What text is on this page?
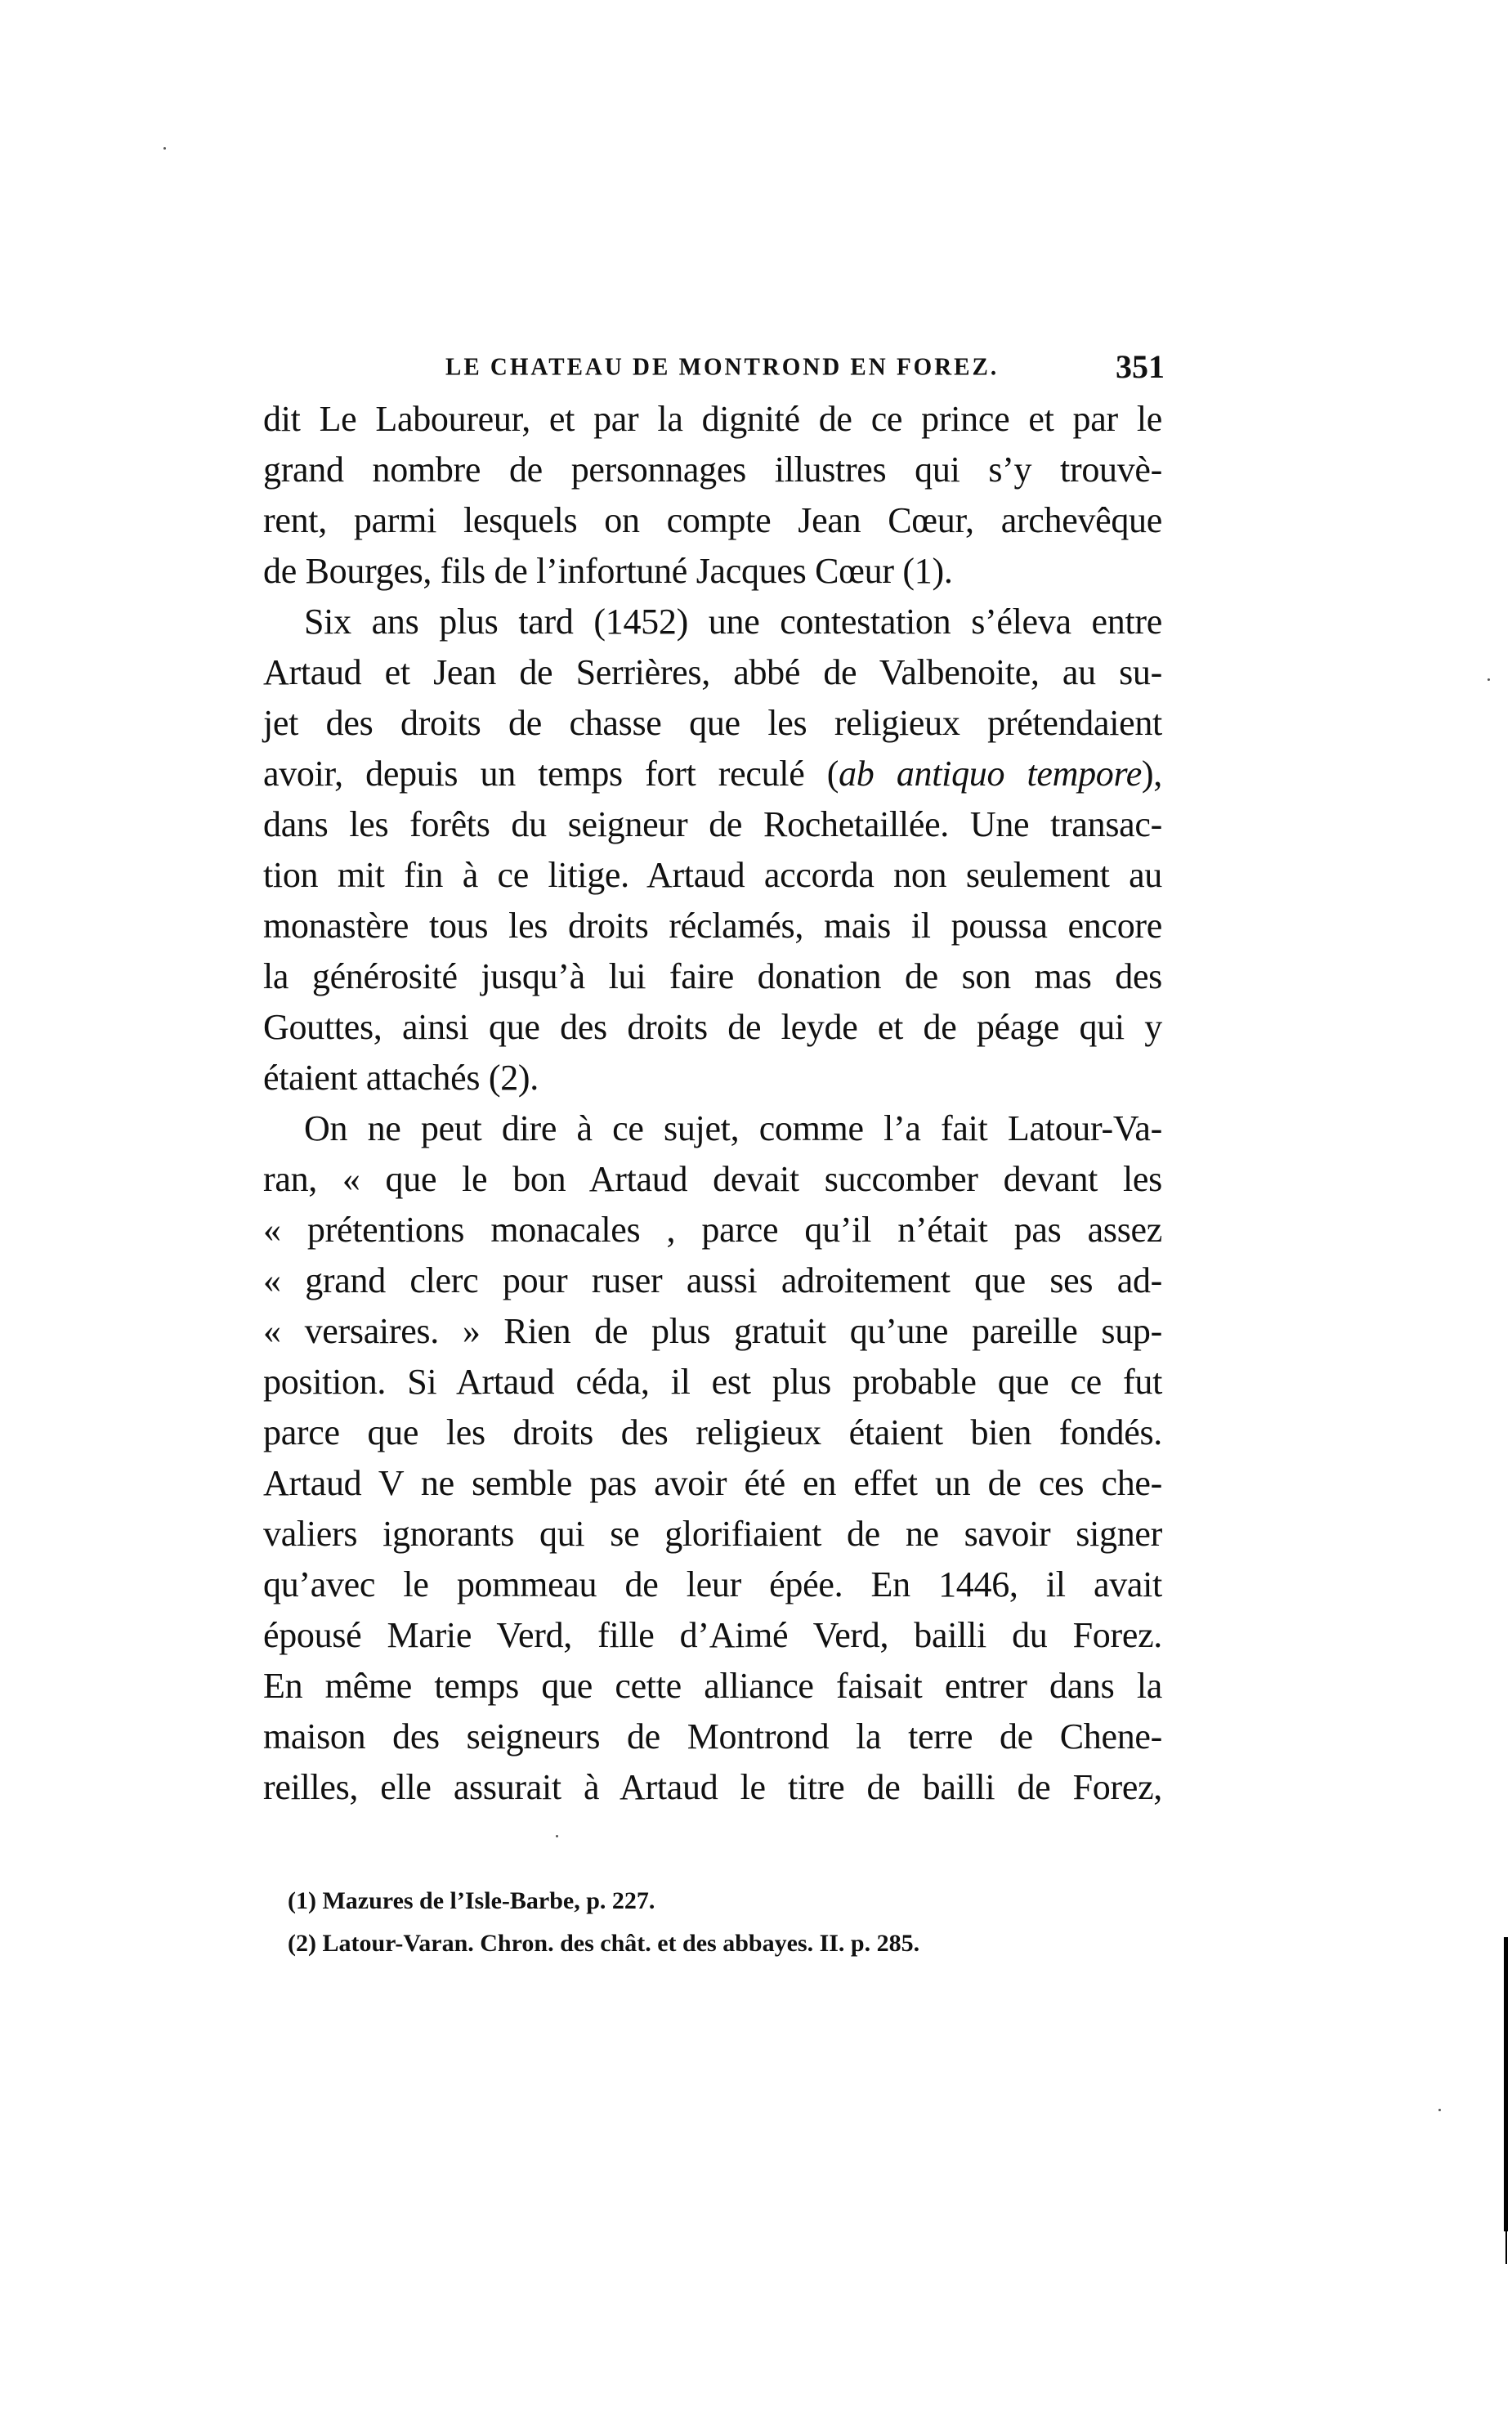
LE CHATEAU DE MONTROND EN FOREZ.	351
dit Le Laboureur, et par la dignité de ce prince et par le
grand nombre de personnages illustres qui s’y trouvè-
rent, parmi lesquels on compte Jean Cœur, archevêque
de Bourges, fils de l’infortuné Jacques Cœur (1).
Six ans plus tard (1452) une contestation s’éleva entre
Artaud et Jean de Serrières, abbé de Valbenoite, au su-
jet des droits de chasse que les religieux prétendaient
avoir, depuis un temps fort reculé (ab antiquo tempore),
dans les forêts du seigneur de Rochetaillée. Une transac-
tion mit fin à ce litige. Artaud accorda non seulement au
monastère tous les droits réclamés, mais il poussa encore
la générosité jusqu’à lui faire donation de son mas des
Gouttes, ainsi que des droits de leyde et de péage qui y
étaient attachés (2).
On ne peut dire à ce sujet, comme l’a fait Latour-Va-
ran, « que le bon Artaud devait succomber devant les
« prétentions monacales , parce qu’il n’était pas assez
« grand clerc pour ruser aussi adroitement que ses ad-
« versaires. » Rien de plus gratuit qu’une pareille sup-
position. Si Artaud céda, il est plus probable que ce fut
parce que les droits des religieux étaient bien fondés.
Artaud V ne semble pas avoir été en effet un de ces che-
valiers ignorants qui se glorifiaient de ne savoir signer
qu’avec le pommeau de leur épée. En 1446, il avait
épousé Marie Verd, fille d’Aimé Verd, bailli du Forez.
En même temps que cette alliance faisait entrer dans la
maison des seigneurs de Montrond la terre de Chene-
reilles, elle assurait à Artaud le titre de bailli de Forez,
(1) Mazures de l’Isle-Barbe, p. 227.
(2) Latour-Varan. Chron. des chât. et des abbayes. II. p. 285.
